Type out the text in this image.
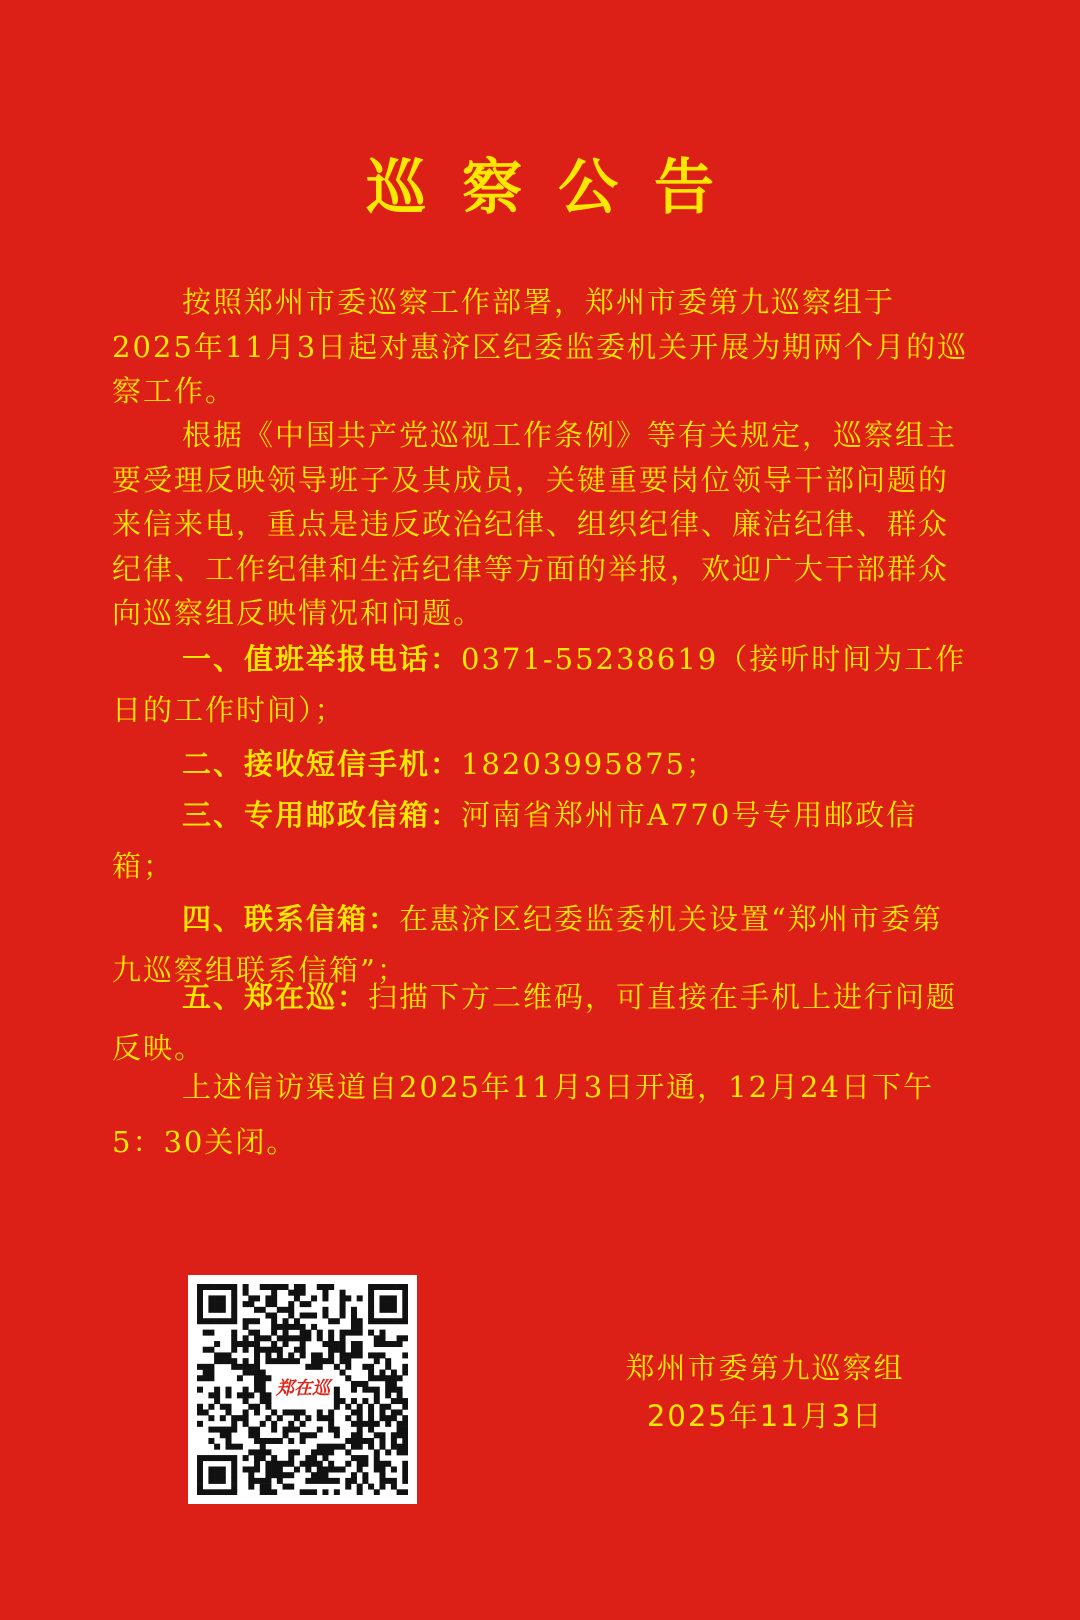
巡察公告

按照郑州市委巡察工作部署，郑州市委第九巡察组于2025年11月3日起对惠济区纪委监委机关开展为期两个月的巡察工作。

根据《中国共产党巡视工作条例》等有关规定，巡察组主要受理反映领导班子及其成员，关键重要岗位领导干部问题的来信来电，重点是违反政治纪律、组织纪律、廉洁纪律、群众纪律、工作纪律和生活纪律等方面的举报，欢迎广大干部群众向巡察组反映情况和问题。

一、值班举报电话：0371-55238619（接听时间为工作日的工作时间）；

二、接收短信手机：18203995875；

三、专用邮政信箱：河南省郑州市A770号专用邮政信箱；

四、联系信箱：在惠济区纪委监委机关设置“郑州市委第九巡察组联系信箱”；

五、郑在巡：扫描下方二维码，可直接在手机上进行问题反映。

上述信访渠道自2025年11月3日开通，12月24日下午5：30关闭。

郑在巡
郑州市委第九巡察组
2025年11月3日
